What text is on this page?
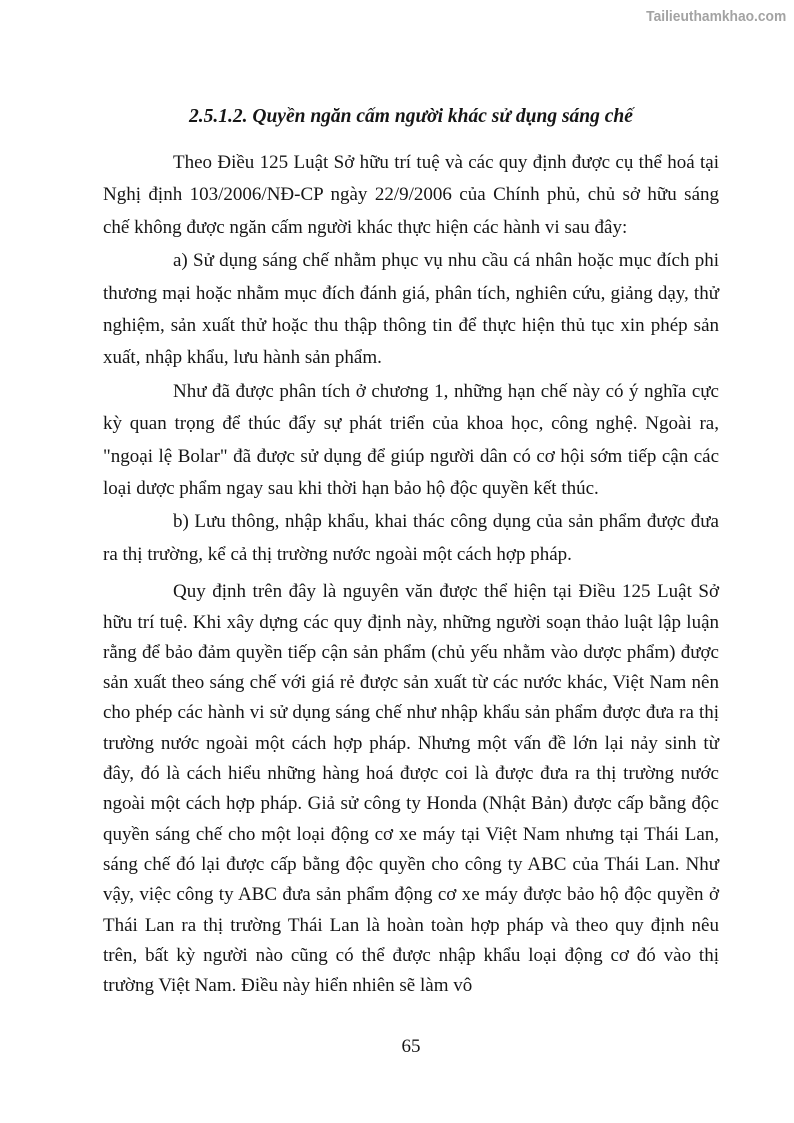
Tailieuthamkhao.com
2.5.1.2. Quyền ngăn cấm người khác sử dụng sáng chế

Theo Điều 125 Luật Sở hữu trí tuệ và các quy định được cụ thể hoá tại Nghị định 103/2006/NĐ-CP ngày 22/9/2006 của Chính phủ, chủ sở hữu sáng chế không được ngăn cấm người khác thực hiện các hành vi sau đây:

a) Sử dụng sáng chế nhằm phục vụ nhu cầu cá nhân hoặc mục đích phi thương mại hoặc nhằm mục đích đánh giá, phân tích, nghiên cứu, giảng dạy, thử nghiệm, sản xuất thử hoặc thu thập thông tin để thực hiện thủ tục xin phép sản xuất, nhập khẩu, lưu hành sản phẩm.

Như đã được phân tích ở chương 1, những hạn chế này có ý nghĩa cực kỳ quan trọng để thúc đẩy sự phát triển của khoa học, công nghệ. Ngoài ra, "ngoại lệ Bolar" đã được sử dụng để giúp người dân có cơ hội sớm tiếp cận các loại dược phẩm ngay sau khi thời hạn bảo hộ độc quyền kết thúc.

b) Lưu thông, nhập khẩu, khai thác công dụng của sản phẩm được đưa ra thị trường, kể cả thị trường nước ngoài một cách hợp pháp.

Quy định trên đây là nguyên văn được thể hiện tại Điều 125 Luật Sở hữu trí tuệ. Khi xây dựng các quy định này, những người soạn thảo luật lập luận rằng để bảo đảm quyền tiếp cận sản phẩm (chủ yếu nhằm vào dược phẩm) được sản xuất theo sáng chế với giá rẻ được sản xuất từ các nước khác, Việt Nam nên cho phép các hành vi sử dụng sáng chế như nhập khẩu sản phẩm được đưa ra thị trường nước ngoài một cách hợp pháp. Nhưng một vấn đề lớn lại nảy sinh từ đây, đó là cách hiểu những hàng hoá được coi là được đưa ra thị trường nước ngoài một cách hợp pháp. Giả sử công ty Honda (Nhật Bản) được cấp bằng độc quyền sáng chế cho một loại động cơ xe máy tại Việt Nam nhưng tại Thái Lan, sáng chế đó lại được cấp bằng độc quyền cho công ty ABC của Thái Lan. Như vậy, việc công ty ABC đưa sản phẩm động cơ xe máy được bảo hộ độc quyền ở Thái Lan ra thị trường Thái Lan là hoàn toàn hợp pháp và theo quy định nêu trên, bất kỳ người nào cũng có thể được nhập khẩu loại động cơ đó vào thị trường Việt Nam. Điều này hiển nhiên sẽ làm vô

65
